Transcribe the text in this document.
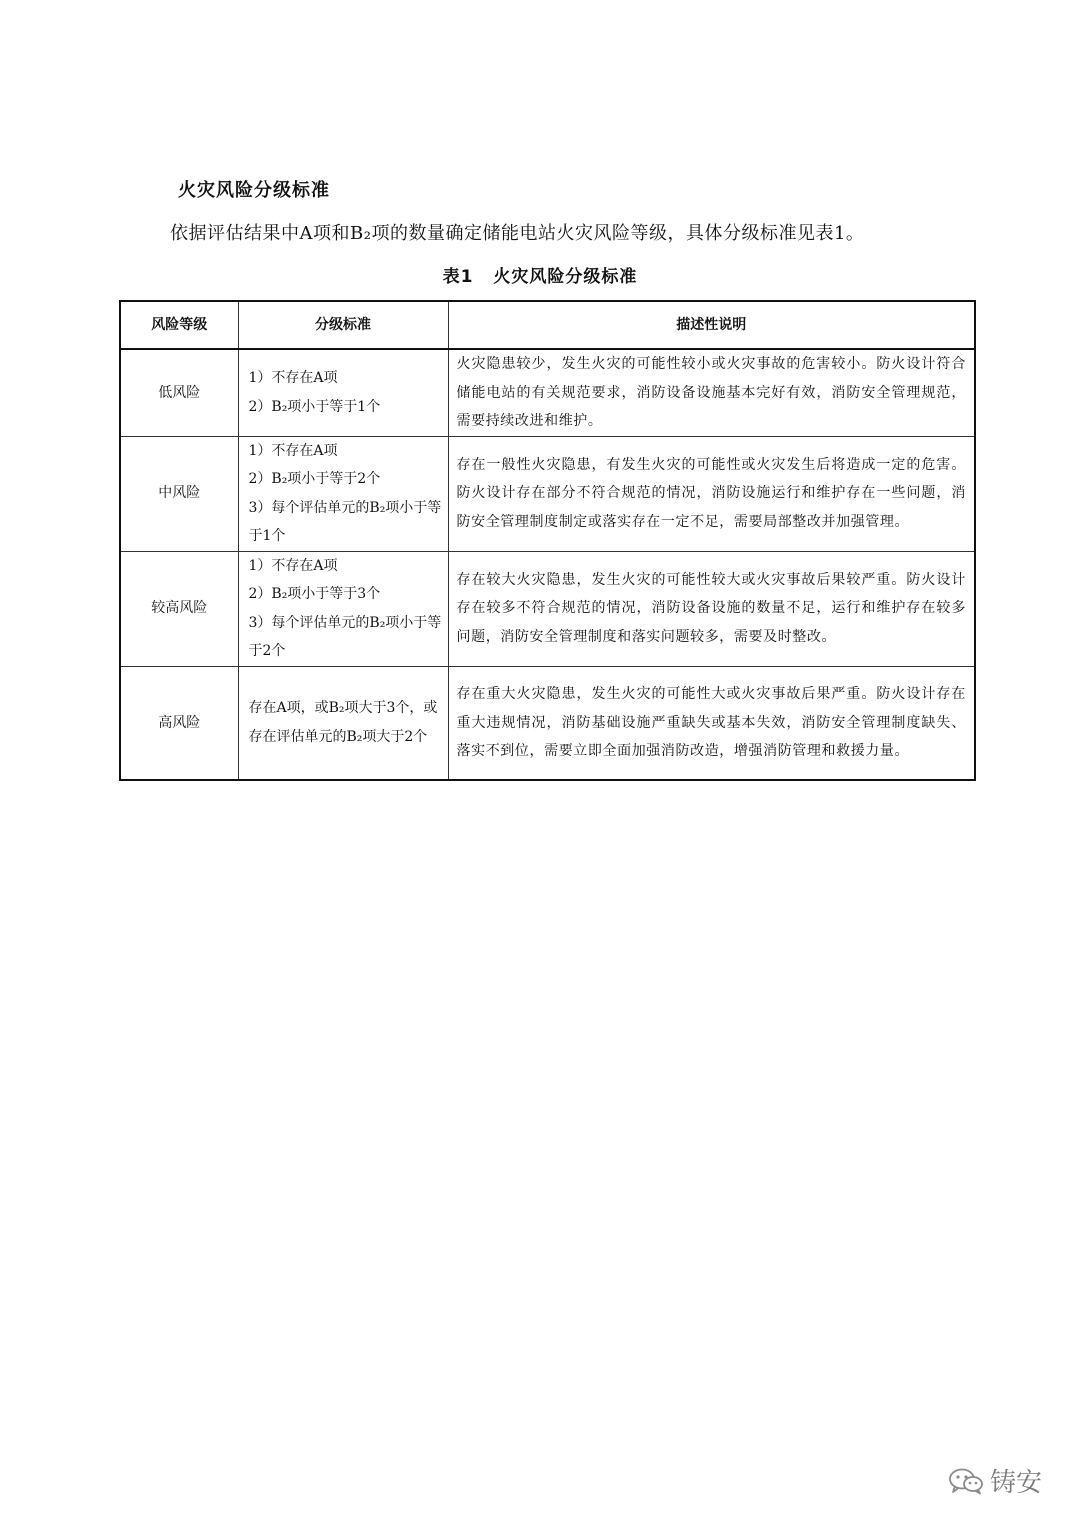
火灾风险分级标准
依据评估结果中A项和B₂项的数量确定储能电站火灾风险等级，具体分级标准见表1。
表1 火灾风险分级标准
风险等级	分级标准	描述性说明
低风险	1）不存在A项
2）B₂项小于等于1个	火灾隐患较少，发生火灾的可能性较小或火灾事故的危害较小。防火设计符合储能电站的有关规范要求，消防设备设施基本完好有效，消防安全管理规范，需要持续改进和维护。
中风险	1）不存在A项
2）B₂项小于等于2个
3）每个评估单元的B₂项小于等于1个	存在一般性火灾隐患，有发生火灾的可能性或火灾发生后将造成一定的危害。防火设计存在部分不符合规范的情况，消防设施运行和维护存在一些问题，消防安全管理制度制定或落实存在一定不足，需要局部整改并加强管理。
较高风险	1）不存在A项
2）B₂项小于等于3个
3）每个评估单元的B₂项小于等于2个	存在较大火灾隐患，发生火灾的可能性较大或火灾事故后果较严重。防火设计存在较多不符合规范的情况，消防设备设施的数量不足，运行和维护存在较多问题，消防安全管理制度和落实问题较多，需要及时整改。
高风险	存在A项，或B₂项大于3个，或存在评估单元的B₂项大于2个	存在重大火灾隐患，发生火灾的可能性大或火灾事故后果严重。防火设计存在重大违规情况，消防基础设施严重缺失或基本失效，消防安全管理制度缺失、落实不到位，需要立即全面加强消防改造，增强消防管理和救援力量。
铸安
